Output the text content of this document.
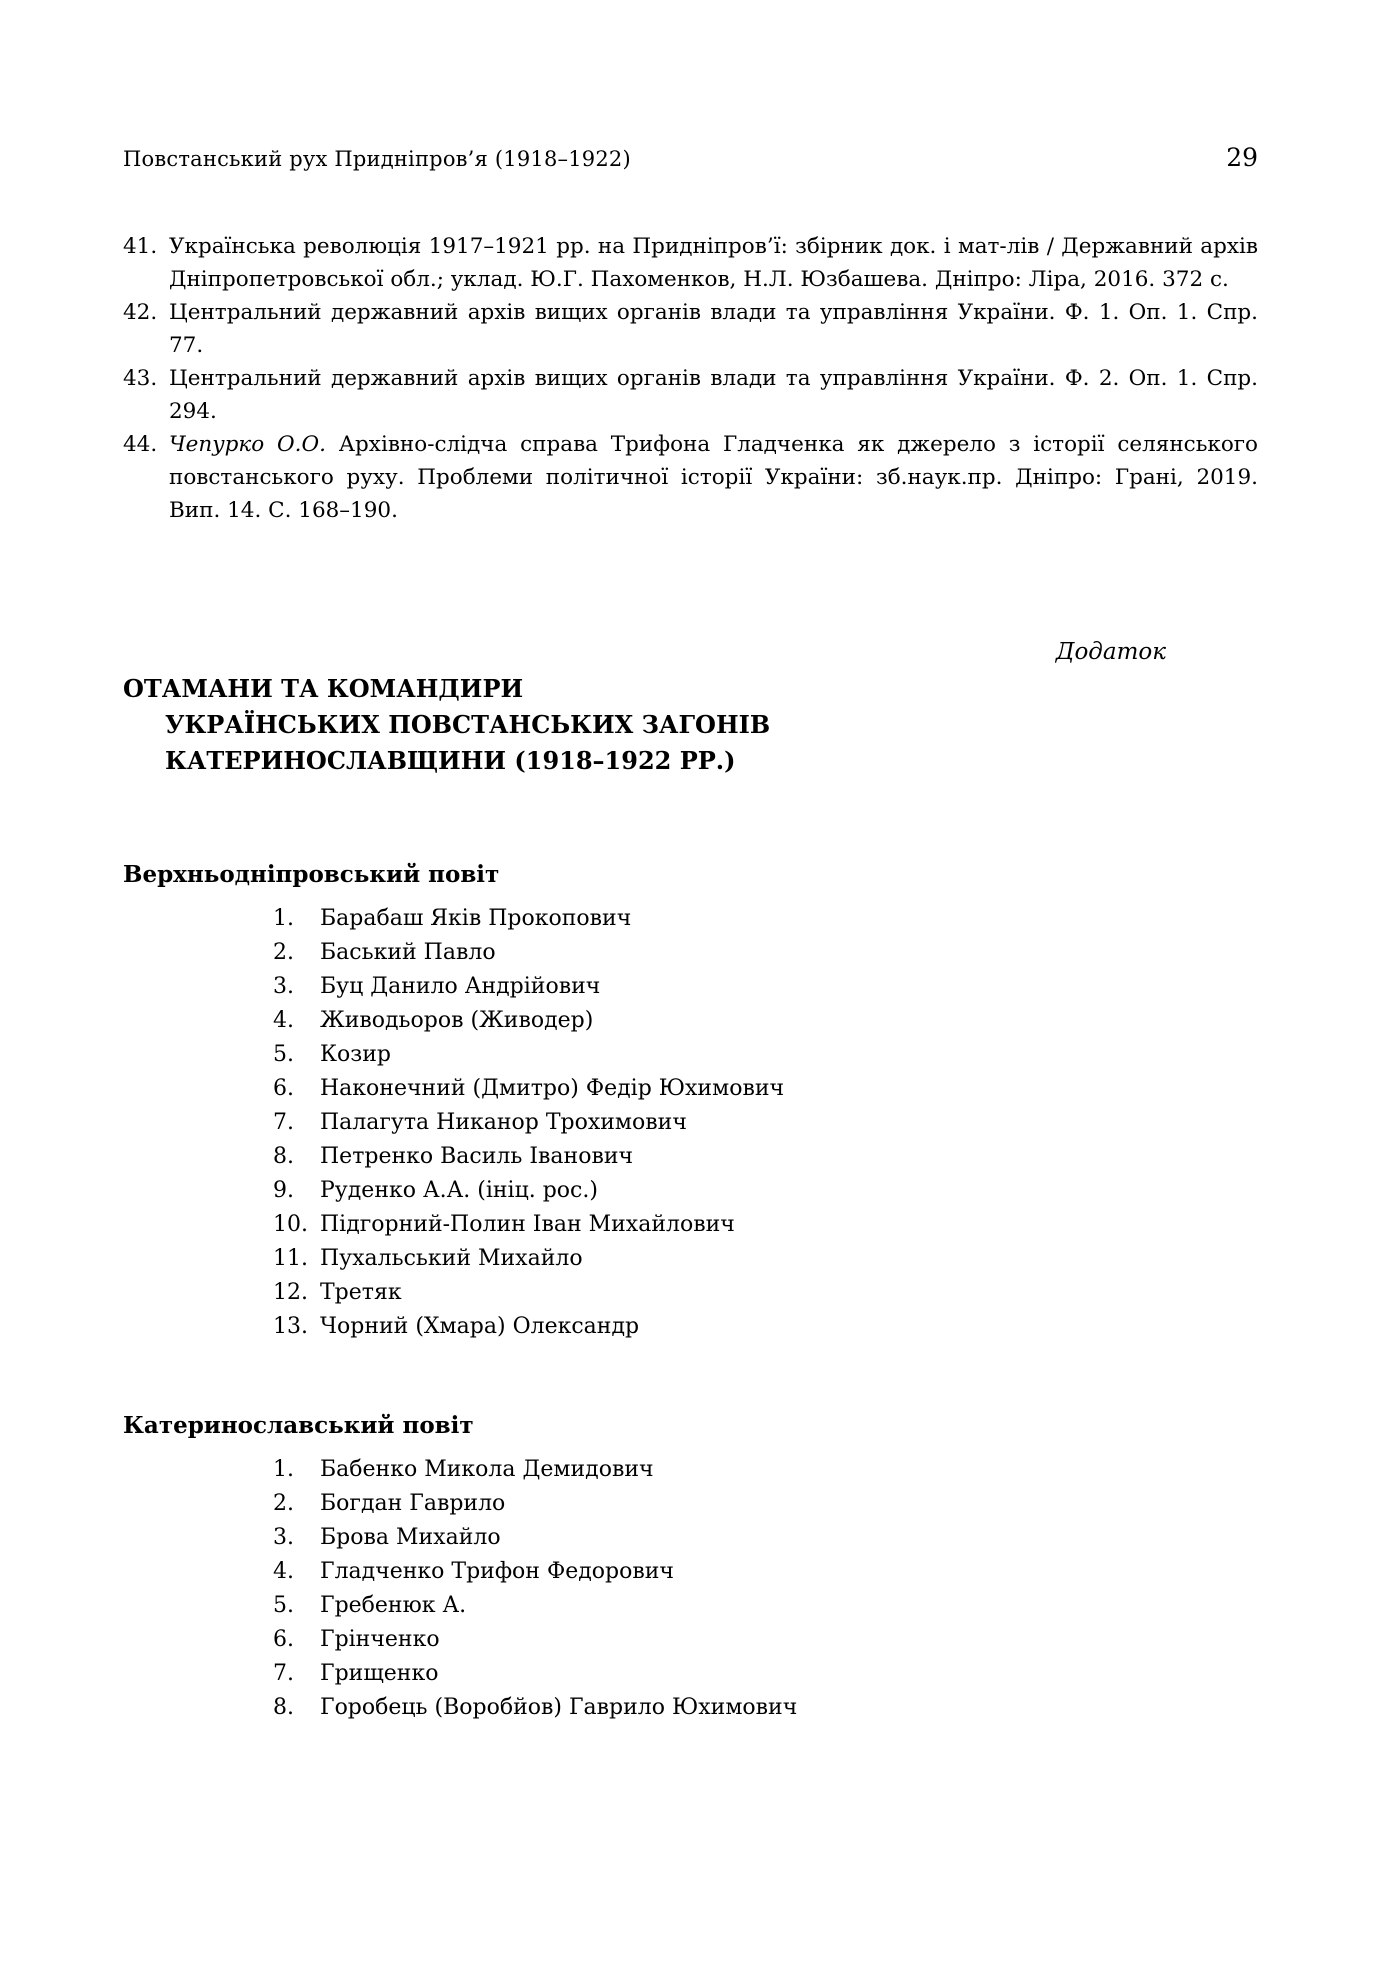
Повстанський рух Придніпров’я (1918–1922)	29
41. Українська революція 1917–1921 рр. на Придніпров’ї: збірник док. і мат-лів / Державний архів Дніпропетровської обл.; уклад. Ю.Г. Пахоменков, Н.Л. Юзбашева. Дніпро: Ліра, 2016. 372 с.
42. Центральний державний архів вищих органів влади та управління України. Ф. 1. Оп. 1. Спр. 77.
43. Центральний державний архів вищих органів влади та управління України. Ф. 2. Оп. 1. Спр. 294.
44. Чепурко О.О. Архівно-слідча справа Трифона Гладченка як джерело з історії селянського повстанського руху. Проблеми політичної історії України: зб.наук.пр. Дніпро: Грані, 2019. Вип. 14. С. 168–190.
Додаток
ОТАМАНИ ТА КОМАНДИРИ
УКРАЇНСЬКИХ ПОВСТАНСЬКИХ ЗАГОНІВ
КАТЕРИНОСЛАВЩИНИ (1918–1922 РР.)
Верхньодніпровський повіт
1. Барабаш Яків Прокопович
2. Баський Павло
3. Буц Данило Андрійович
4. Живодьоров (Живодер)
5. Козир
6. Наконечний (Дмитро) Федір Юхимович
7. Палагута Никанор Трохимович
8. Петренко Василь Іванович
9. Руденко А.А. (ініц. рос.)
10. Підгорний-Полин Іван Михайлович
11. Пухальський Михайло
12. Третяк
13. Чорний (Хмара) Олександр
Катеринославський повіт
1. Бабенко Микола Демидович
2. Богдан Гаврило
3. Брова Михайло
4. Гладченко Трифон Федорович
5. Гребенюк А.
6. Грінченко
7. Грищенко
8. Горобець (Воробйов) Гаврило Юхимович
